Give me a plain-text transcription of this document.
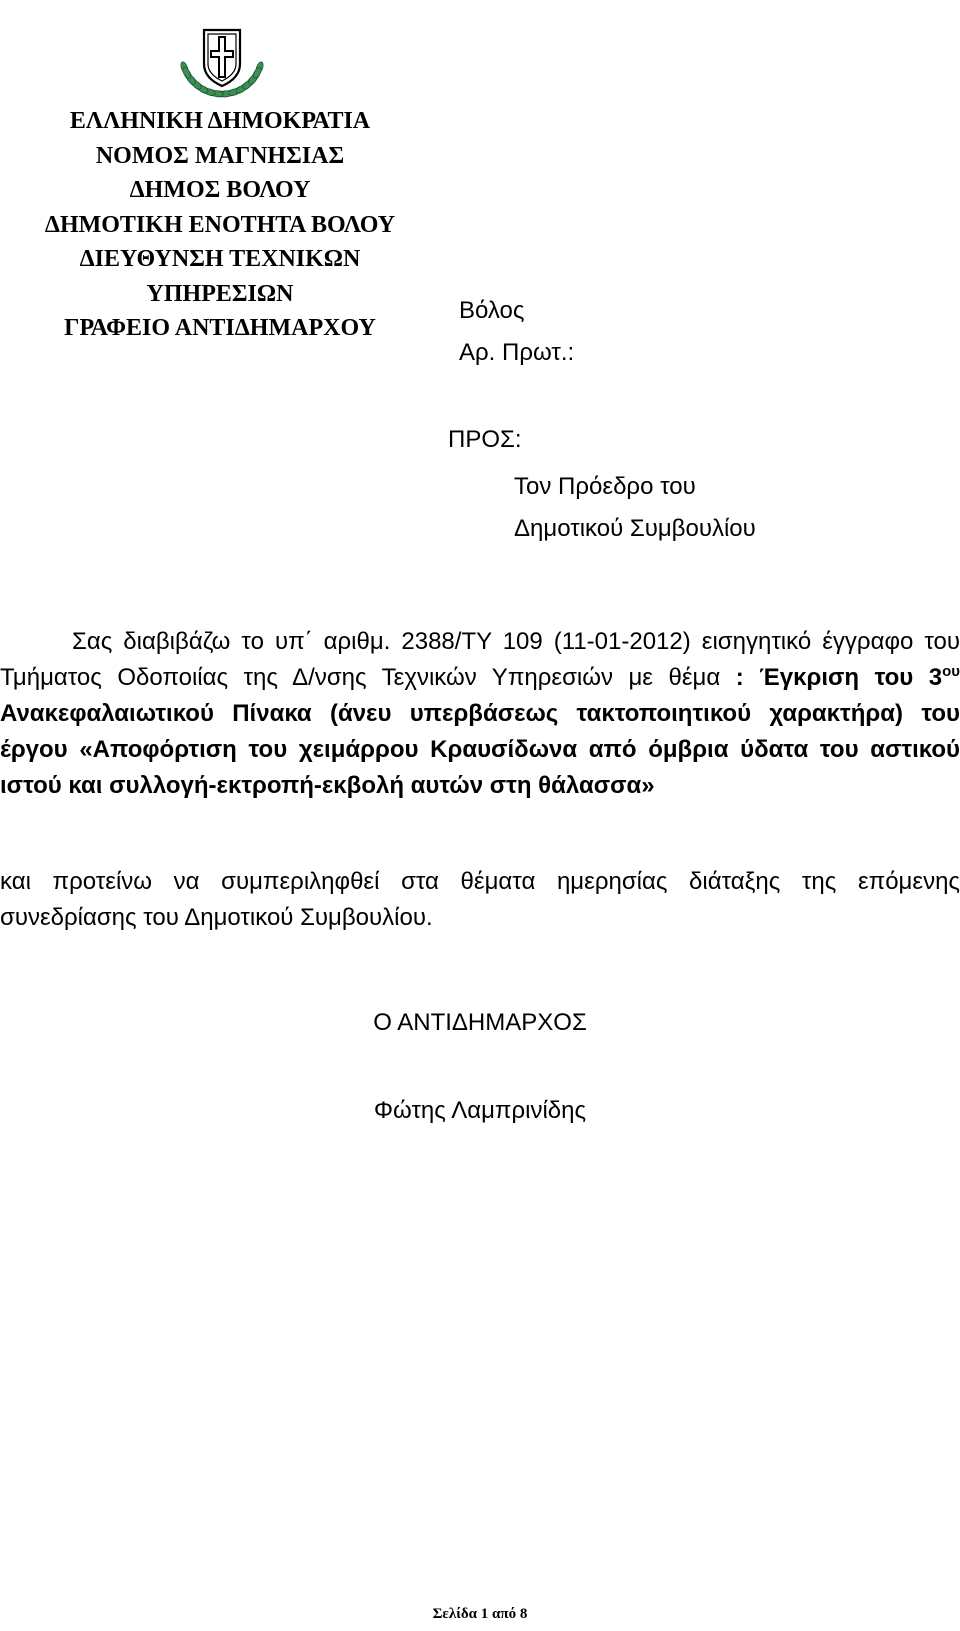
ΕΛΛΗΝΙΚΗ ΔΗΜΟΚΡΑΤΙΑ
ΝΟΜΟΣ ΜΑΓΝΗΣΙΑΣ
ΔΗΜΟΣ ΒΟΛΟΥ
ΔΗΜΟΤΙΚΗ ΕΝΟΤΗΤΑ ΒΟΛΟΥ
ΔΙΕΥΘΥΝΣΗ ΤΕΧΝΙΚΩΝ
ΥΠΗΡΕΣΙΩΝ
ΓΡΑΦΕΙΟ ΑΝΤΙΔΗΜΑΡΧΟΥ
Βόλος
Αρ. Πρωτ.:
ΠΡΟΣ:
Τον Πρόεδρο του
Δημοτικού Συμβουλίου
Σας διαβιβάζω το υπ΄ αριθμ. 2388/ΤΥ 109 (11-01-2012) εισηγητικό έγγραφο του Τμήματος Οδοποιίας της Δ/νσης Τεχνικών Υπηρεσιών με θέμα : Έγκριση του $3^{o\upsilon}$ Ανακεφαλαιωτικού Πίνακα (άνευ υπερβάσεως τακτοποιητικού χαρακτήρα) του έργου «Αποφόρτιση του χειμάρρου Κραυσίδωνα από όμβρια ύδατα του αστικού ιστού και συλλογή-εκτροπή-εκβολή αυτών στη θάλασσα»
και προτείνω να συμπεριληφθεί στα θέματα ημερησίας διάταξης της επόμενης συνεδρίασης του Δημοτικού Συμβουλίου.
Ο ΑΝΤΙΔΗΜΑΡΧΟΣ
Φώτης Λαμπρινίδης
Σελίδα 1 από 8
